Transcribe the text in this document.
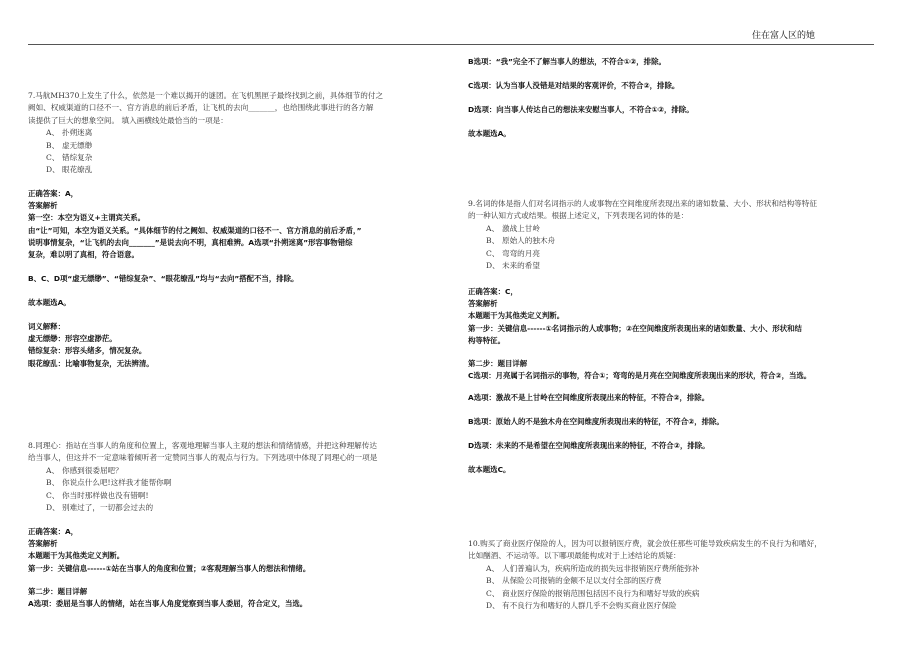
住在富人区的她

7.马航MH370上发生了什么，依然是一个难以揭开的谜团。在飞机黑匣子最终找到之前，具体细节的付之

阙如、权威渠道的口径不一、官方消息的前后矛盾，让飞机的去向_______，也给围绕此事进行的各方解

读提供了巨大的想象空间。 填入画横线处最恰当的一项是：

A、 扑朔迷离

B、 虚无缥缈

C、 错综复杂

D、 眼花缭乱

正确答案：A，

答案解析

第一空：本空为语义+主谓宾关系。

由“让”可知，本空为语义关系。“具体细节的付之阙如、权威渠道的口径不一、官方消息的前后矛盾，”

说明事情复杂，“让飞机的去向_______”是说去向不明，真相难辨。A选项“扑朔迷离”形容事物错综

复杂，难以明了真相，符合语意。

B、C、D项“虚无缥缈”、“错综复杂”、“眼花缭乱”均与“去向”搭配不当，排除。
故本题选A。

词义解释：

虚无缥缈：形容空虚渺茫。

错综复杂：形容头绪多，情况复杂。

眼花缭乱：比喻事物复杂，无法辨清。

8.同理心：指站在当事人的角度和位置上，客观地理解当事人主观的想法和情绪情感，并把这种理解传达

给当事人，但这并不一定意味着倾听者一定赞同当事人的观点与行为。下列选项中体现了同理心的一项是

A、 你感到很委屈吧？

B、 你说点什么吧!这样我才能帮你啊

C、 你当时那样做也没有错啊!

D、 别难过了，一切都会过去的

正确答案：A，

答案解析

本题题干为其他类定义判断。

第一步：关键信息------①站在当事人的角度和位置；②客观理解当事人的想法和情绪。

第二步：题目详解

A选项：委屈是当事人的情绪，站在当事人角度觉察到当事人委屈，符合定义，当选。

B选项：“我”完全不了解当事人的想法，不符合①②，排除。
C选项：认为当事人没错是对结果的客观评价，不符合②，排除。
D选项：向当事人传达自己的想法来安慰当事人，不符合①②，排除。
故本题选A。

9.名词的体是指人们对名词指示的人或事物在空间维度所表现出来的诸如数量、大小、形状和结构等特征

的一种认知方式或结果。根据上述定义，下列表现名词的体的是：

A、 激战上甘岭

B、 原始人的独木舟

C、 弯弯的月亮

D、 未来的希望

正确答案：C，

答案解析

本题题干为其他类定义判断。

第一步：关键信息------①名词指示的人或事物；②在空间维度所表现出来的诸如数量、大小、形状和结

构等特征。

第二步：题目详解

C选项：月亮属于名词指示的事物，符合①；弯弯的是月亮在空间维度所表现出来的形状，符合②，当选。

A选项：激战不是上甘岭在空间维度所表现出来的特征，不符合②，排除。
B选项：原始人的不是独木舟在空间维度所表现出来的特征，不符合②，排除。
D选项：未来的不是希望在空间维度所表现出来的特征，不符合②，排除。
故本题选C。

10.购买了商业医疗保险的人，因为可以报销医疗费，就会放任那些可能导致疾病发生的不良行为和嗜好，

比如酗酒、不运动等。以下哪项最能构成对于上述结论的质疑：

A、 人们普遍认为，疾病所造成的损失远非报销医疗费所能弥补

B、 从保险公司报销的金额不足以支付全部的医疗费

C、 商业医疗保险的报销范围包括因不良行为和嗜好导致的疾病

D、 有不良行为和嗜好的人群几乎不会购买商业医疗保险
